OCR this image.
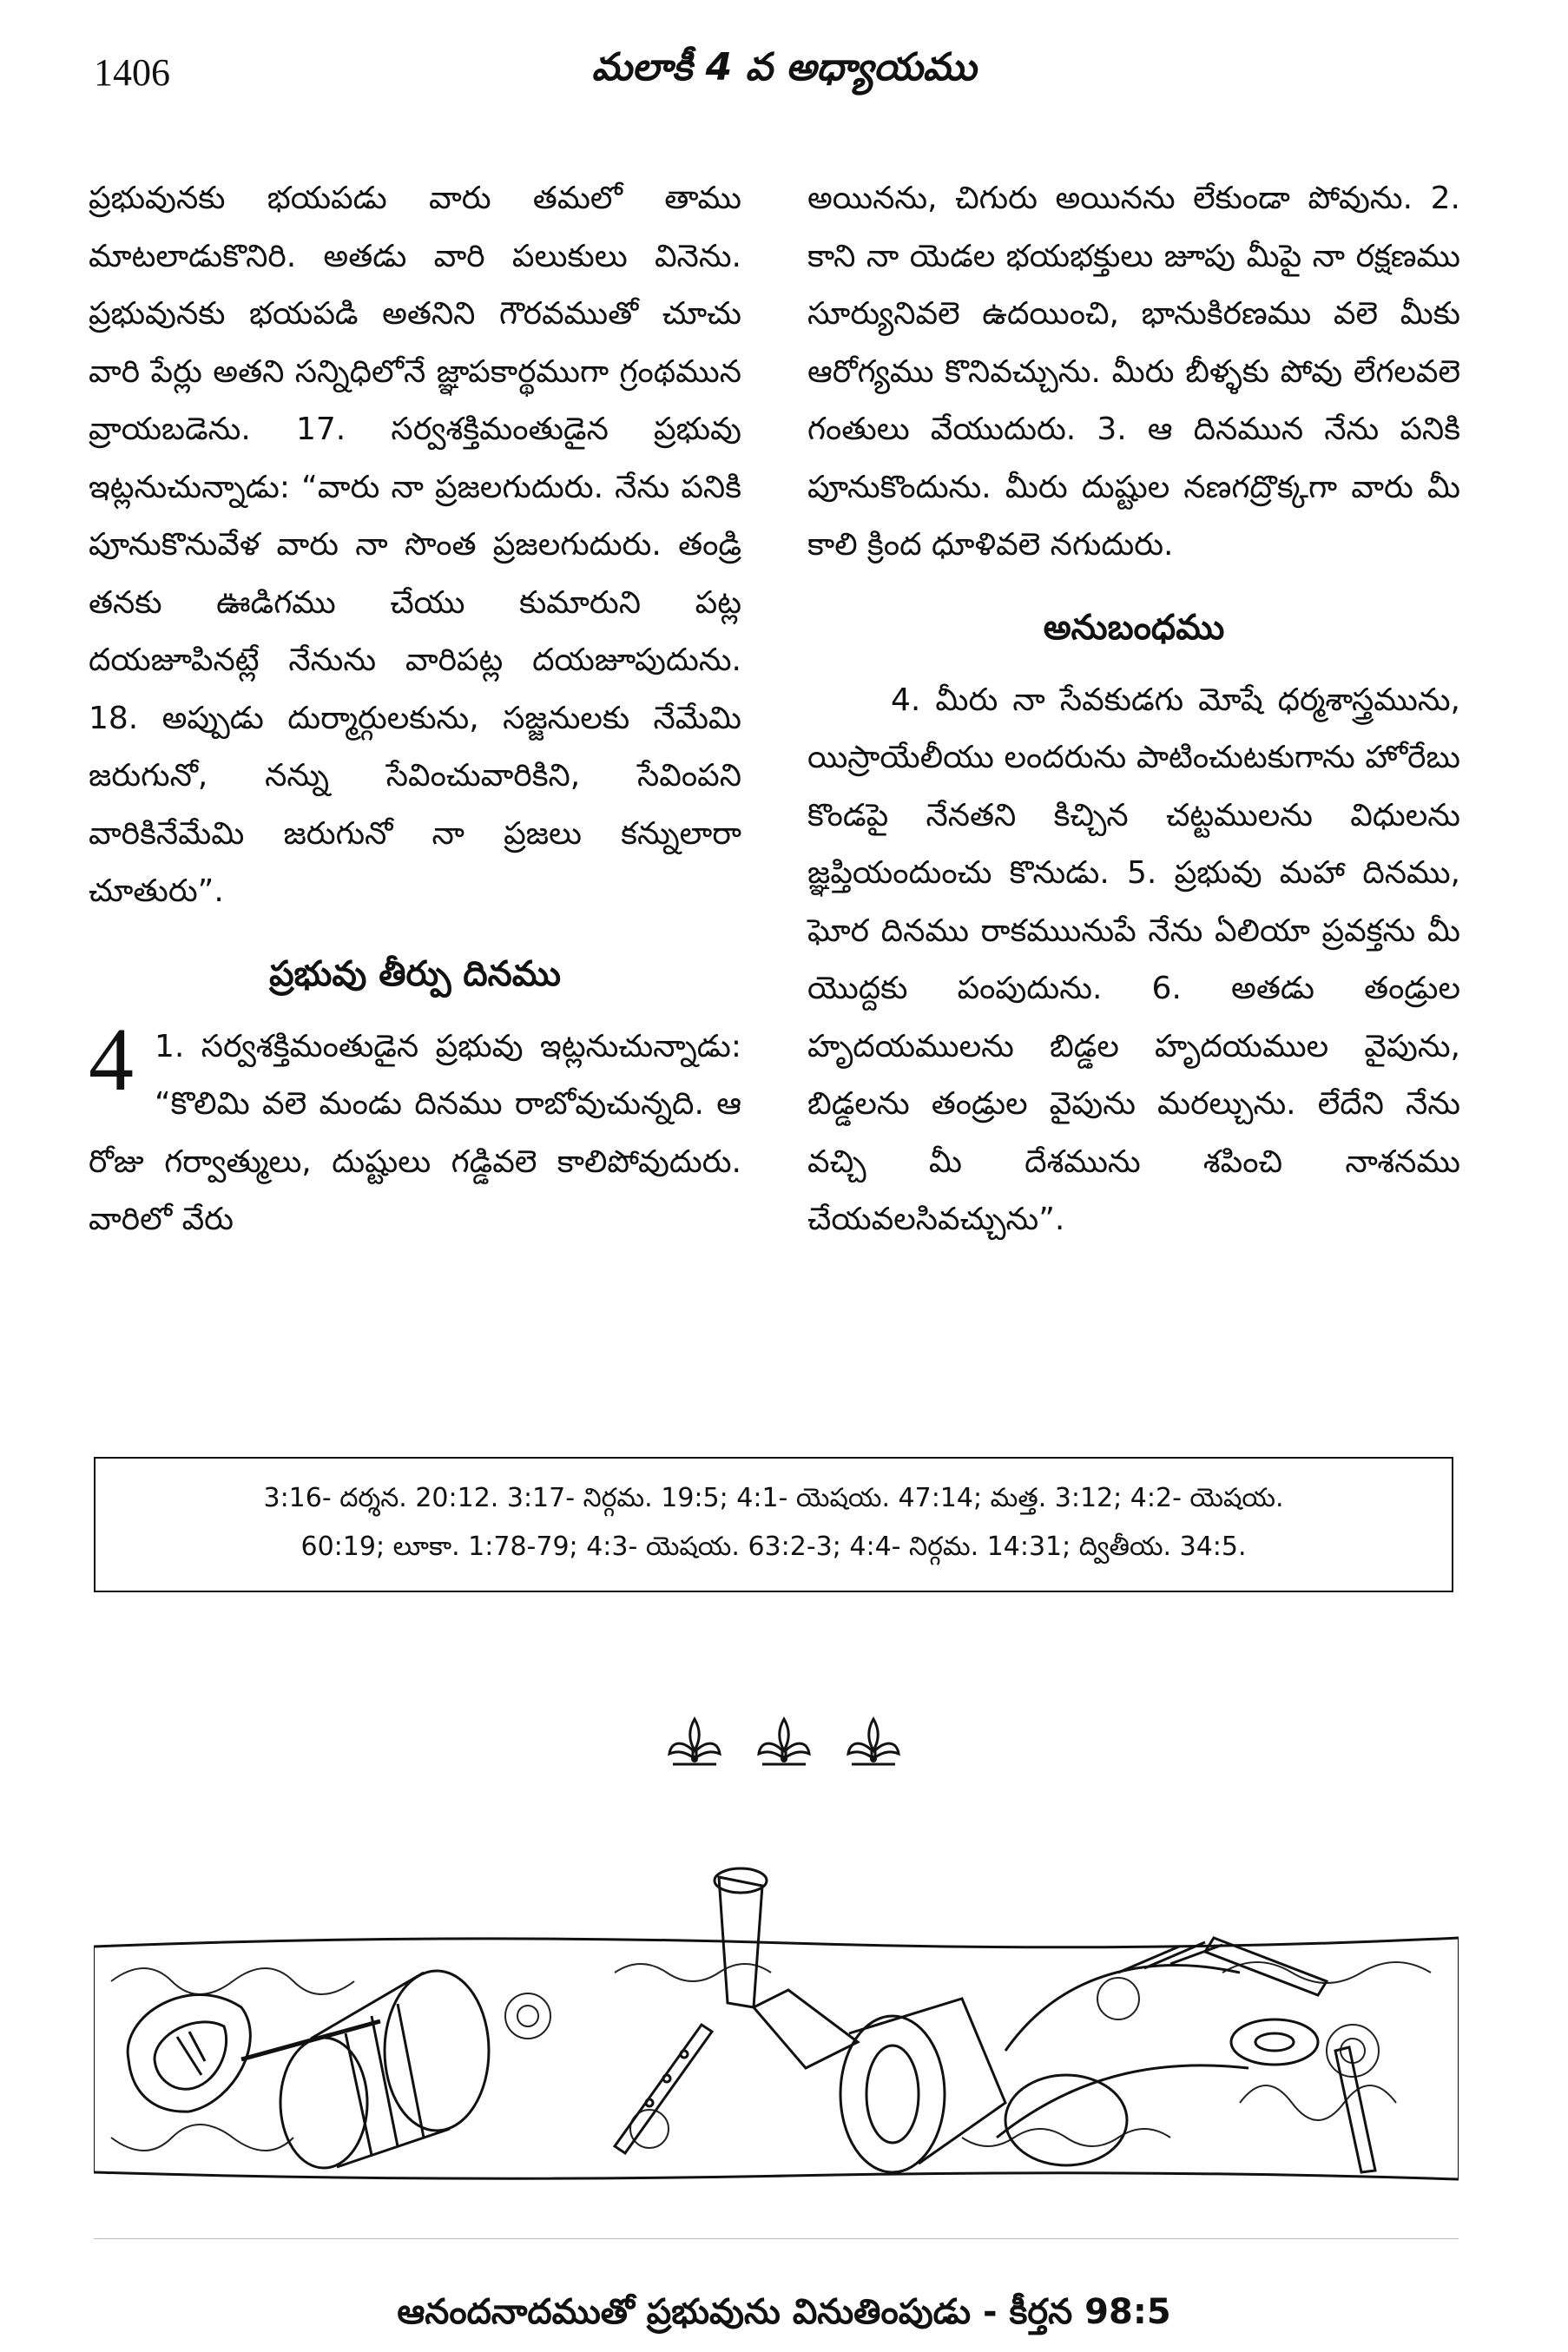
1406	మలాకీ 4 వ అధ్యాయము

ప్రభువునకు భయపడు వారు తమలో తాము మాటలాడుకొనిరి. అతడు వారి పలుకులు వినెను. ప్రభువునకు భయపడి అతనిని గౌరవముతో చూచు వారి పేర్లు అతని సన్నిధిలోనే జ్ఞాపకార్థముగా గ్రంథమున వ్రాయబడెను. 17. సర్వశక్తిమంతుడైన ప్రభువు ఇట్లనుచున్నాడు: “వారు నా ప్రజలగుదురు. నేను పనికి పూనుకొనువేళ వారు నా సొంత ప్రజలగుదురు. తండ్రి తనకు ఊడిగము చేయు కుమారుని పట్ల దయజూపినట్లే నేనును వారిపట్ల దయజూపుదును. 18. అప్పుడు దుర్మార్గులకును, సజ్జనులకు నేమేమి జరుగునో, నన్ను సేవించువారికిని, సేవింపని వారికినేమేమి జరుగునో నా ప్రజలు కన్నులారా చూతురు”.

ప్రభువు తీర్పు దినము

4 1. సర్వశక్తిమంతుడైన ప్రభువు ఇట్లనుచున్నాడు: “కొలిమి వలె మండు దినము రాబోవుచున్నది. ఆ రోజు గర్వాత్ములు, దుష్టులు గడ్డివలె కాలిపోవుదురు. వారిలో వేరు

అయినను, చిగురు అయినను లేకుండా పోవును. 2. కాని నా యెడల భయభక్తులు జూపు మీపై నా రక్షణము సూర్యునివలె ఉదయించి, భానుకిరణము వలె మీకు ఆరోగ్యము కొనివచ్చును. మీరు బీళ్ళకు పోవు లేగలవలె గంతులు వేయుదురు. 3. ఆ దినమున నేను పనికి పూనుకొందును. మీరు దుష్టుల నణగద్రొక్కగా వారు మీ కాలి క్రింద ధూళివలె నగుదురు.

అనుబంధము

4. మీరు నా సేవకుడగు మోషే ధర్మశాస్త్రమును, యిస్రాయేలీయు లందరును పాటించుటకుగాను హోరేబు కొండపై నేనతని కిచ్చిన చట్టములను విధులను జ్ఞప్తియందుంచు కొనుడు. 5. ప్రభువు మహా దినము, ఘోర దినము రాకముునుపే నేను ఏలియా ప్రవక్తను మీ యొద్దకు పంపుదును. 6. అతడు తండ్రుల హృదయములను బిడ్డల హృదయముల వైపును, బిడ్డలను తండ్రుల వైపును మరల్చును. లేదేని నేను వచ్చి మీ దేశమును శపించి నాశనము చేయవలసివచ్చును”.

3:16- దర్శన. 20:12. 3:17- నిర్గమ. 19:5; 4:1- యెషయ. 47:14; మత్త. 3:12; 4:2- యెషయ.

60:19; లూకా. 1:78-79; 4:3- యెషయ. 63:2-3; 4:4- నిర్గమ. 14:31; ద్వితీయ. 34:5.

ఆనందనాదముతో ప్రభువును వినుతింపుడు - కీర్తన 98:5
